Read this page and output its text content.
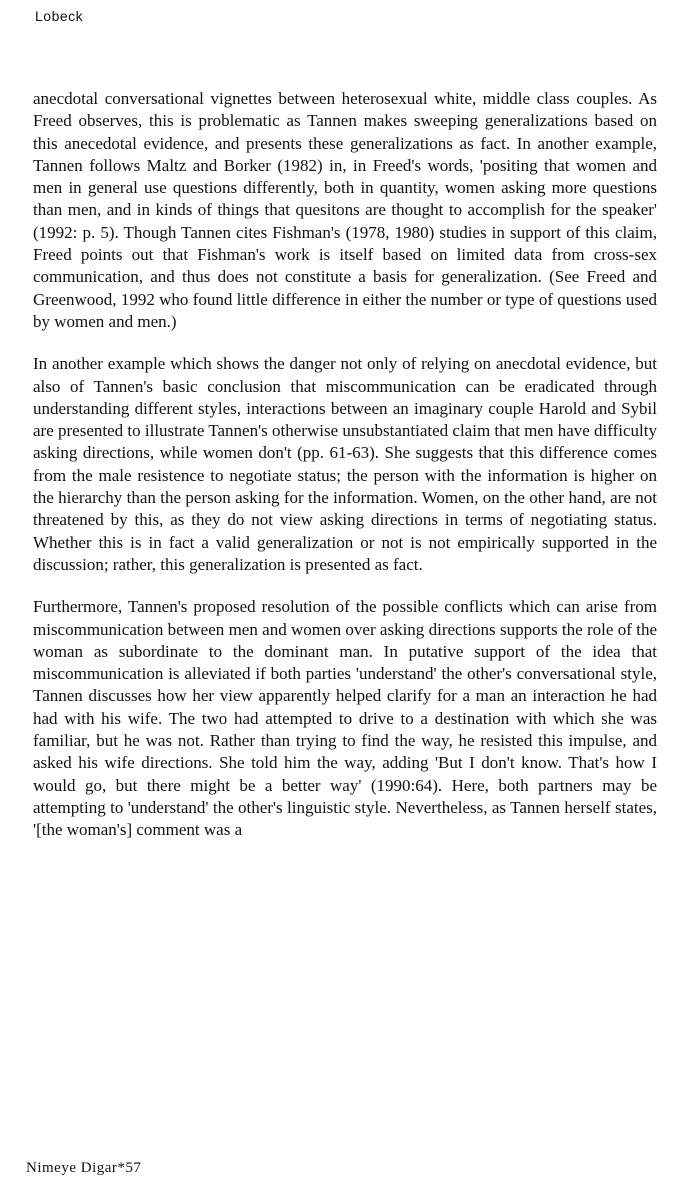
Lobeck

anecdotal conversational vignettes between heterosexual white, middle class couples. As Freed observes, this is problematic as Tannen makes sweeping generalizations based on this anecedotal evidence, and presents these generalizations as fact. In another example, Tannen follows Maltz and Borker (1982) in, in Freed's words, 'positing that women and men in general use questions differently, both in quantity, women asking more questions than men, and in kinds of things that quesitons are thought to accomplish for the speaker' (1992: p. 5). Though Tannen cites Fishman's (1978, 1980) studies in support of this claim, Freed points out that Fishman's work is itself based on limited data from cross-sex communication, and thus does not constitute a basis for generalization. (See Freed and Greenwood, 1992 who found little difference in either the number or type of questions used by women and men.)

In another example which shows the danger not only of relying on anecdotal evidence, but also of Tannen's basic conclusion that miscommunication can be eradicated through understanding different styles, interactions between an imaginary couple Harold and Sybil are presented to illustrate Tannen's otherwise unsubstantiated claim that men have difficulty asking directions, while women don't (pp. 61-63). She suggests that this difference comes from the male resistence to negotiate status; the person with the information is higher on the hierarchy than the person asking for the information. Women, on the other hand, are not threatened by this, as they do not view asking directions in terms of negotiating status. Whether this is in fact a valid generalization or not is not empirically supported in the discussion; rather, this generalization is presented as fact.

Furthermore, Tannen's proposed resolution of the possible conflicts which can arise from miscommunication between men and women over asking directions supports the role of the woman as subordinate to the dominant man. In putative support of the idea that miscommunication is alleviated if both parties 'understand' the other's conversational style, Tannen discusses how her view apparently helped clarify for a man an interaction he had had with his wife. The two had attempted to drive to a destination with which she was familiar, but he was not. Rather than trying to find the way, he resisted this impulse, and asked his wife directions. She told him the way, adding 'But I don't know. That's how I would go, but there might be a better way' (1990:64). Here, both partners may be attempting to 'understand' the other's linguistic style. Nevertheless, as Tannen herself states, '[the woman's] comment was a

Nimeye Digar*57
